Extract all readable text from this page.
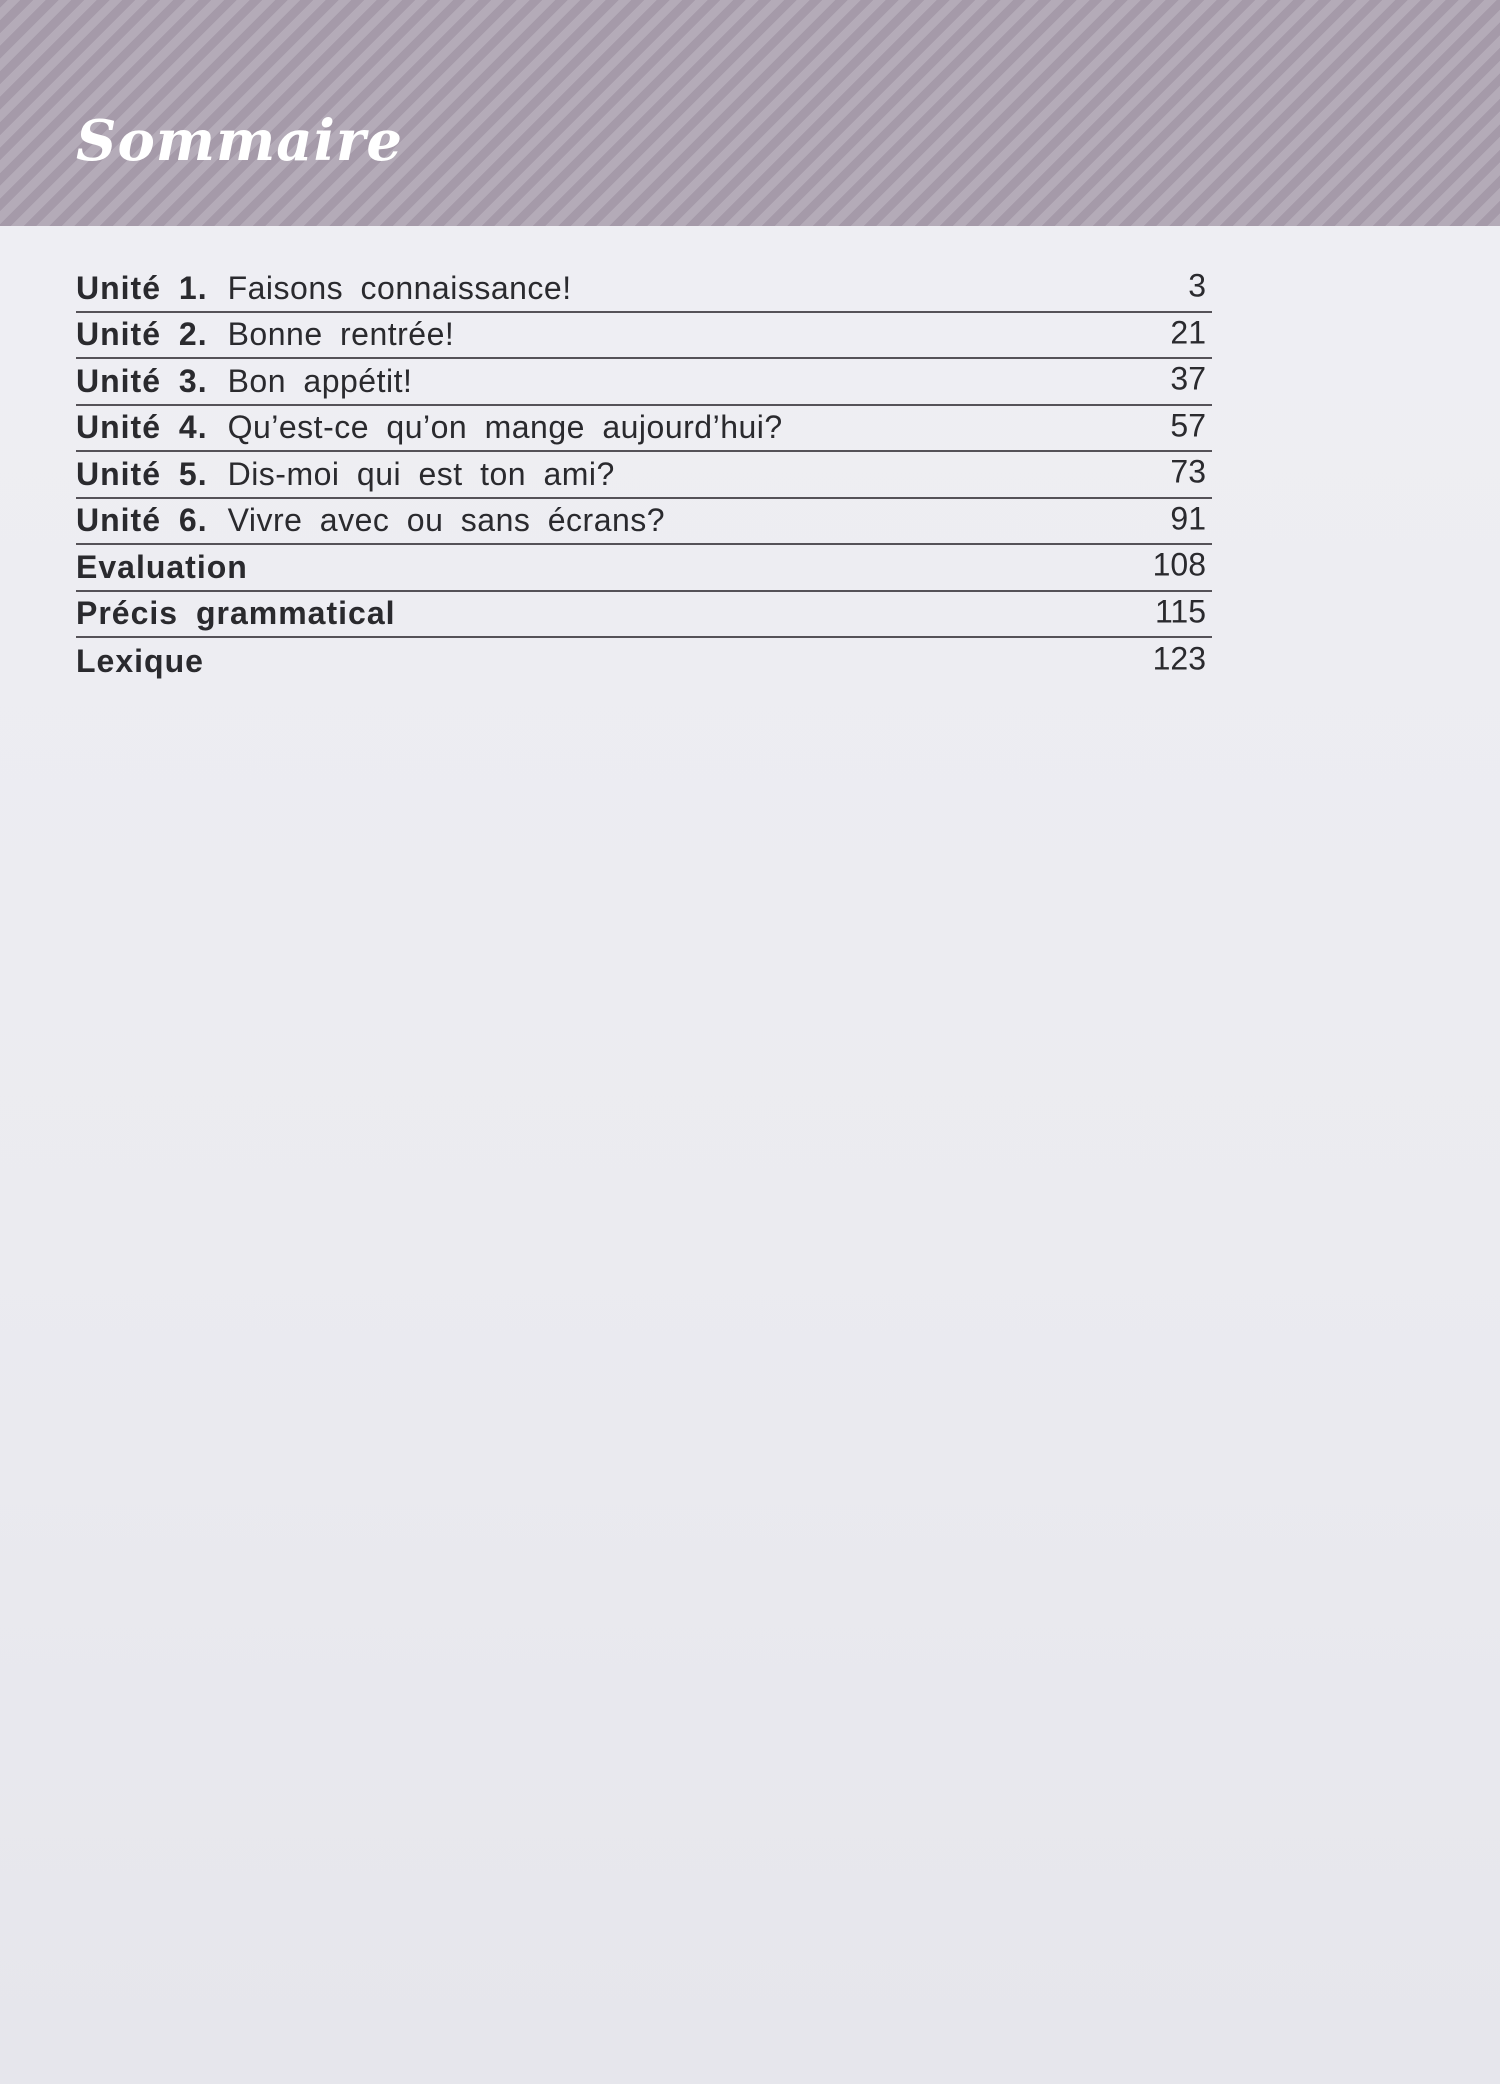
Sommaire
Unité 1. Faisons connaissance!	3
Unité 2. Bonne rentrée!	21
Unité 3. Bon appétit!	37
Unité 4. Qu’est-ce qu’on mange aujourd’hui?	57
Unité 5. Dis-moi qui est ton ami?	73
Unité 6. Vivre avec ou sans écrans?	91
Evaluation	108
Précis grammatical	115
Lexique	123
